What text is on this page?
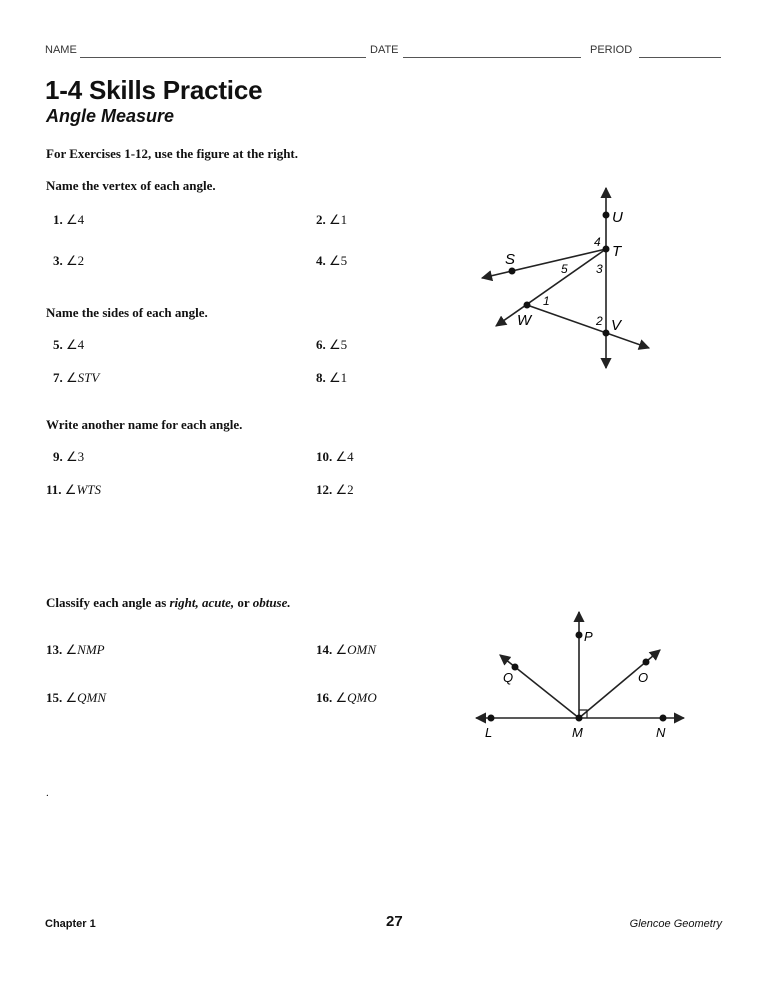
NAME	DATE	PERIOD
1-4 Skills Practice
Angle Measure
For Exercises 1-12, use the figure at the right.
Name the vertex of each angle.
Name the sides of each angle.
Write another name for each angle.
Classify each angle as right, acute, or obtuse.
1. ∠4	2. ∠1
3. ∠2	4. ∠5
5. ∠4	6. ∠5
7. ∠STV	8. ∠1
9. ∠3	10. ∠4
11. ∠WTS	12. ∠2
13. ∠NMP	14. ∠OMN
15. ∠QMN	16. ∠QMO
U
T
S
W	V
4
3
5
1
2
P
Q	O
L	M	N
.
Chapter 1	27	Glencoe Geometry
